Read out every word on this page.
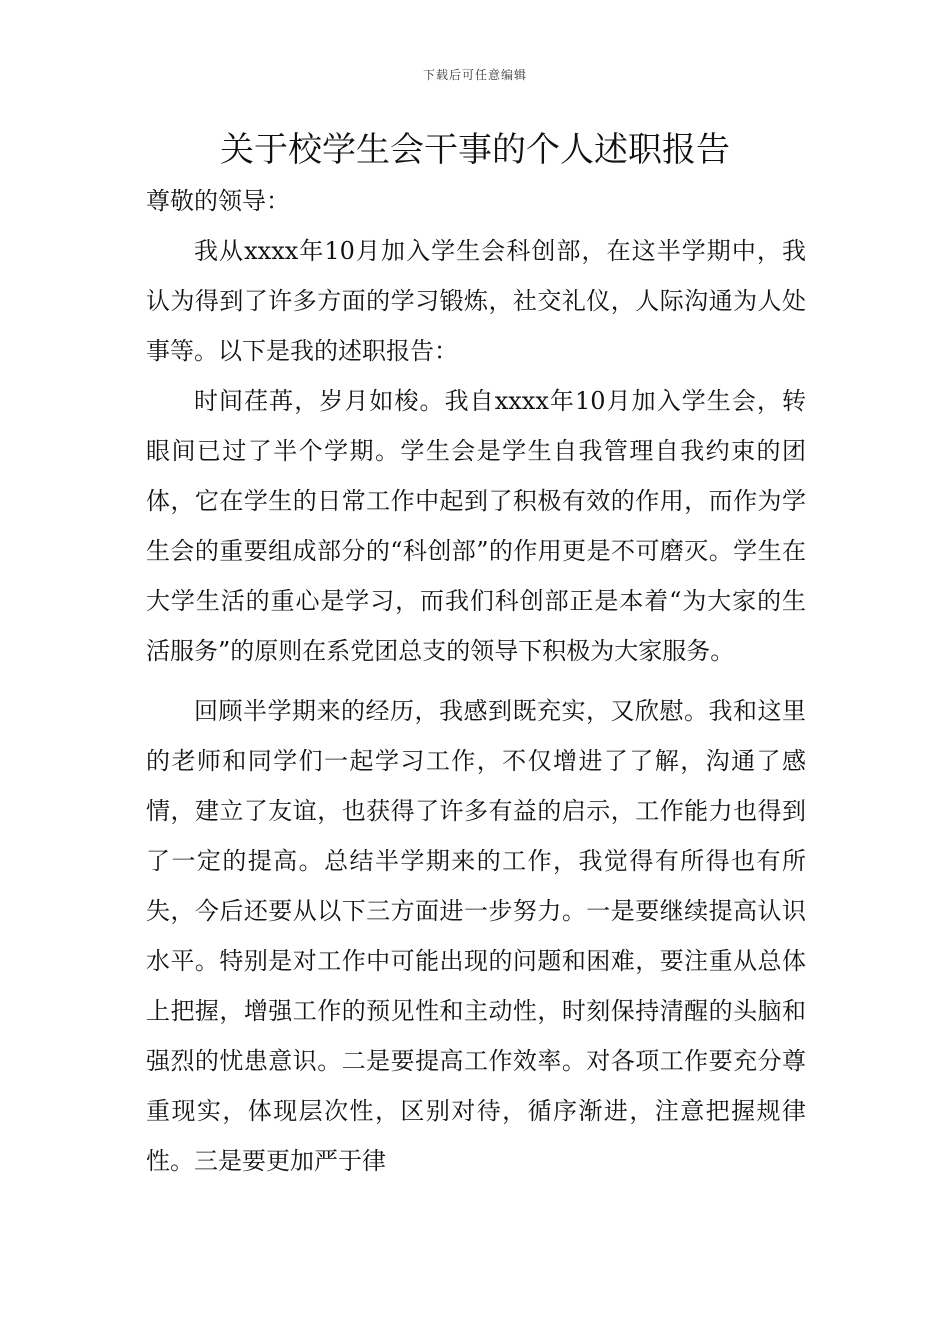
下载后可任意编辑
关于校学生会干事的个人述职报告

尊敬的领导：

我从xxxx年10月加入学生会科创部，在这半学期中，我认为得到了许多方面的学习锻炼，社交礼仪，人际沟通为人处事等。以下是我的述职报告：

时间荏苒，岁月如梭。我自xxxx年10月加入学生会，转眼间已过了半个学期。学生会是学生自我管理自我约束的团体，它在学生的日常工作中起到了积极有效的作用，而作为学生会的重要组成部分的“科创部”的作用更是不可磨灭。学生在大学生活的重心是学习，而我们科创部正是本着“为大家的生活服务”的原则在系党团总支的领导下积极为大家服务。

回顾半学期来的经历，我感到既充实，又欣慰。我和这里的老师和同学们一起学习工作，不仅增进了了解，沟通了感情，建立了友谊，也获得了许多有益的启示，工作能力也得到了一定的提高。总结半学期来的工作，我觉得有所得也有所失，今后还要从以下三方面进一步努力。一是要继续提高认识水平。特别是对工作中可能出现的问题和困难，要注重从总体上把握，增强工作的预见性和主动性，时刻保持清醒的头脑和强烈的忧患意识。二是要提高工作效率。对各项工作要充分尊重现实，体现层次性，区别对待，循序渐进，注意把握规律性。三是要更加严于律
